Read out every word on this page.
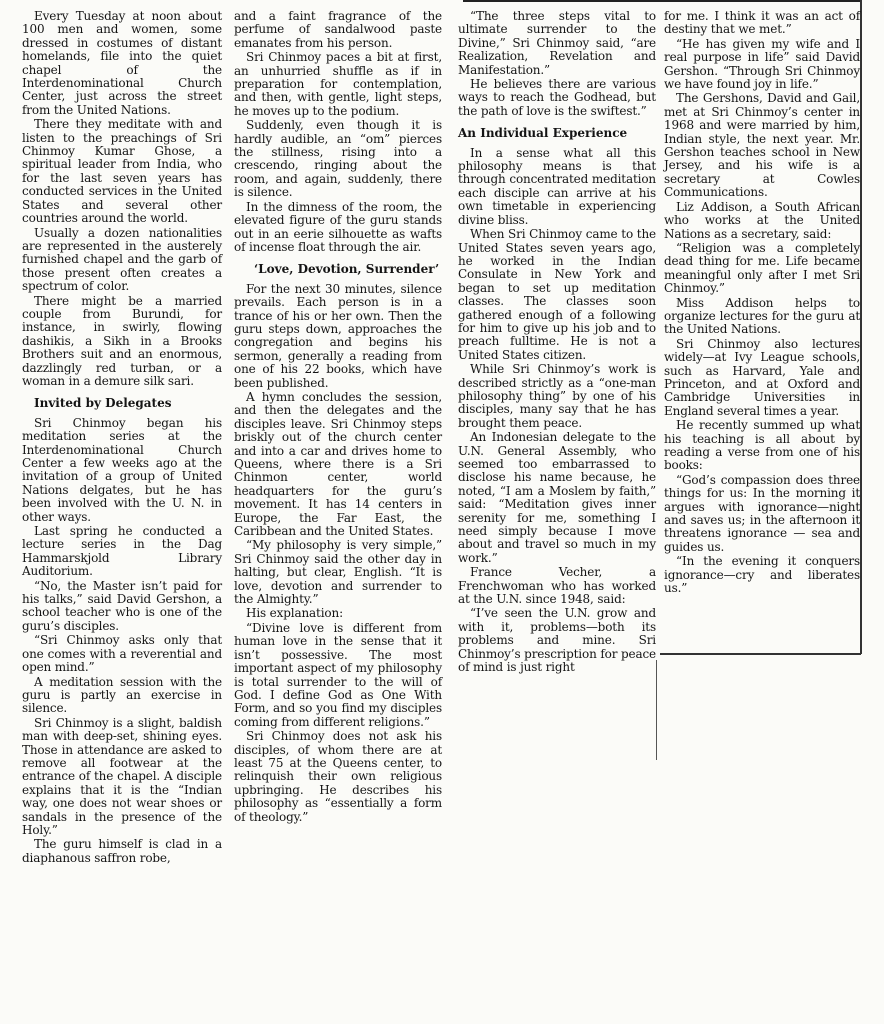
Every Tuesday at noon about 100 men and women, some dressed in costumes of distant homelands, file into the quiet chapel of the Interdenominational Church Center, just across the street from the United Nations.

There they meditate with and listen to the preachings of Sri Chinmoy Kumar Ghose, a spiritual leader from India, who for the last seven years has conducted services in the United States and several other countries around the world.

Usually a dozen nationalities are represented in the austerely furnished chapel and the garb of those present often creates a spectrum of color.

There might be a married couple from Burundi, for instance, in swirly, flowing dashikis, a Sikh in a Brooks Brothers suit and an enormous, dazzlingly red turban, or a woman in a demure silk sari.

Invited by Delegates

Sri Chinmoy began his meditation series at the Interdenominational Church Center a few weeks ago at the invitation of a group of United Nations delgates, but he has been involved with the U. N. in other ways.

Last spring he conducted a lecture series in the Dag Hammarskjold Library Auditorium.

“No, the Master isn’t paid for his talks,” said David Gershon, a school teacher who is one of the guru’s disciples.

“Sri Chinmoy asks only that one comes with a reverential and open mind.”

A meditation session with the guru is partly an exercise in silence.

Sri Chinmoy is a slight, baldish man with deep-set, shining eyes. Those in attendance are asked to remove all footwear at the entrance of the chapel. A disciple explains that it is the “Indian way, one does not wear shoes or sandals in the presence of the Holy.”

The guru himself is clad in a diaphanous saffron robe,

and a faint fragrance of the perfume of sandalwood paste emanates from his person.

Sri Chinmoy paces a bit at first, an unhurried shuffle as if in preparation for contemplation, and then, with gentle, light steps, he moves up to the podium.

Suddenly, even though it is hardly audible, an “om” pierces the stillness, rising into a crescendo, ringing about the room, and again, suddenly, there is silence.

In the dimness of the room, the elevated figure of the guru stands out in an eerie silhouette as wafts of incense float through the air.

‘Love, Devotion, Surrender’

For the next 30 minutes, silence prevails. Each person is in a trance of his or her own. Then the guru steps down, approaches the congregation and begins his sermon, generally a reading from one of his 22 books, which have been published.

A hymn concludes the session, and then the delegates and the disciples leave. Sri Chinmoy steps briskly out of the church center and into a car and drives home to Queens, where there is a Sri Chinmon center, world headquarters for the guru’s movement. It has 14 centers in Europe, the Far East, the Caribbean and the United States.

“My philosophy is very simple,” Sri Chinmoy said the other day in halting, but clear, English. “It is love, devotion and surrender to the Almighty.”

His explanation:

“Divine love is different from human love in the sense that it isn’t possessive. The most important aspect of my philosophy is total surrender to the will of God. I define God as One With Form, and so you find my disciples coming from different religions.”

Sri Chinmoy does not ask his disciples, of whom there are at least 75 at the Queens center, to relinquish their own religious upbringing. He describes his philosophy as “essentially a form of theology.”

“The three steps vital to ultimate surrender to the Divine,” Sri Chinmoy said, “are Realization, Revelation and Manifestation.”

He believes there are various ways to reach the Godhead, but the path of love is the swiftest.”

An Individual Experience

In a sense what all this philosophy means is that through concentrated meditation each disciple can arrive at his own timetable in experiencing divine bliss.

When Sri Chinmoy came to the United States seven years ago, he worked in the Indian Consulate in New York and began to set up meditation classes. The classes soon gathered enough of a following for him to give up his job and to preach fulltime. He is not a United States citizen.

While Sri Chinmoy’s work is described strictly as a “one-man philosophy thing” by one of his disciples, many say that he has brought them peace.

An Indonesian delegate to the U.N. General Assembly, who seemed too embarrassed to disclose his name because, he noted, “I am a Moslem by faith,” said: “Meditation gives inner serenity for me, something I need simply because I move about and travel so much in my work.”

France Vecher, a Frenchwoman who has worked at the U.N. since 1948, said:

“I’ve seen the U.N. grow and with it, problems—both its problems and mine. Sri Chinmoy’s prescription for peace of mind is just right

for me. I think it was an act of destiny that we met.”

“He has given my wife and I real purpose in life” said David Gershon. “Through Sri Chinmoy we have found joy in life.”

The Gershons, David and Gail, met at Sri Chinmoy’s center in 1968 and were married by him, Indian style, the next year. Mr. Gershon teaches school in New Jersey, and his wife is a secretary at Cowles Communications.

Liz Addison, a South African who works at the United Nations as a secretary, said:

“Religion was a completely dead thing for me. Life became meaningful only after I met Sri Chinmoy.”

Miss Addison helps to organize lectures for the guru at the United Nations.

Sri Chinmoy also lectures widely—at Ivy League schools, such as Harvard, Yale and Princeton, and at Oxford and Cambridge Universities in England several times a year.

He recently summed up what his teaching is all about by reading a verse from one of his books:

“God’s compassion does three things for us: In the morning it argues with ignorance—night and saves us; in the afternoon it threatens ignorance — sea and guides us.

“In the evening it conquers ignorance—cry and liberates us.”
